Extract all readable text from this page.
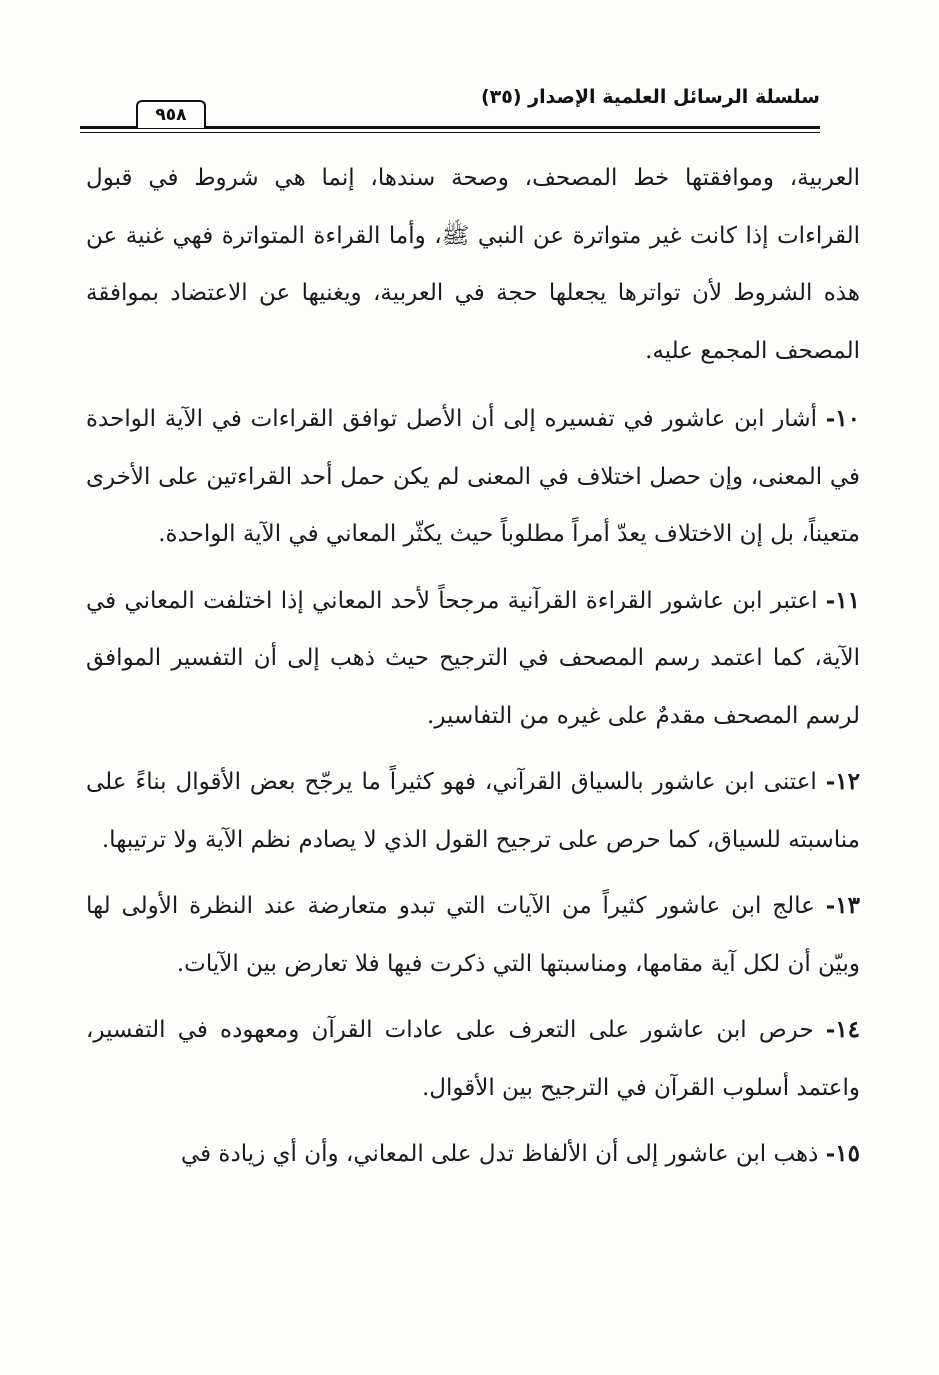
سلسلة الرسائل العلمية الإصدار (٣٥)
٩٥٨

العربية، وموافقتها خط المصحف، وصحة سندها، إنما هي شروط في قبول القراءات إذا كانت غير متواترة عن النبي ﷺ، وأما القراءة المتواترة فهي غنية عن هذه الشروط لأن تواترها يجعلها حجة في العربية، ويغنيها عن الاعتضاد بموافقة المصحف المجمع عليه.

١٠- أشار ابن عاشور في تفسيره إلى أن الأصل توافق القراءات في الآية الواحدة في المعنى، وإن حصل اختلاف في المعنى لم يكن حمل أحد القراءتين على الأخرى متعيناً، بل إن الاختلاف يعدّ أمراً مطلوباً حيث يكثّر المعاني في الآية الواحدة.

١١- اعتبر ابن عاشور القراءة القرآنية مرجحاً لأحد المعاني إذا اختلفت المعاني في الآية، كما اعتمد رسم المصحف في الترجيح حيث ذهب إلى أن التفسير الموافق لرسم المصحف مقدمٌ على غيره من التفاسير.

١٢- اعتنى ابن عاشور بالسياق القرآني، فهو كثيراً ما يرجّح بعض الأقوال بناءً على مناسبته للسياق، كما حرص على ترجيح القول الذي لا يصادم نظم الآية ولا ترتيبها.

١٣- عالج ابن عاشور كثيراً من الآيات التي تبدو متعارضة عند النظرة الأولى لها وبيّن أن لكل آية مقامها، ومناسبتها التي ذكرت فيها فلا تعارض بين الآيات.

١٤- حرص ابن عاشور على التعرف على عادات القرآن ومعهوده في التفسير، واعتمد أسلوب القرآن في الترجيح بين الأقوال.

١٥- ذهب ابن عاشور إلى أن الألفاظ تدل على المعاني، وأن أي زيادة في
